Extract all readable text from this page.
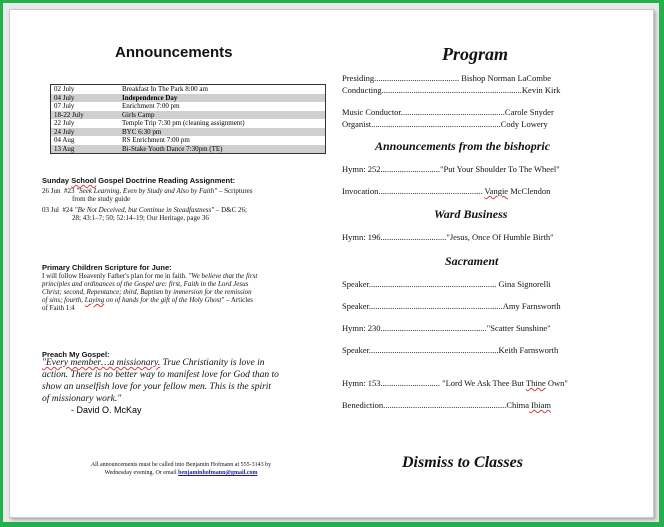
Announcements
02 July	Breakfast In The Park 8:00 am
04 July	Independence Day
07 July	Enrichment 7:00 pm
18-22 July	Girls Camp
22 July	Temple Trip 7:30 pm (cleaning assignment)
24 July	BYC 6:30 pm
04 Aug	RS Enrichment 7:00 pm
13 Aug	Bi-Stake Youth Dance 7:30pm (TE)
Sunday School Gospel Doctrine Reading Assignment:
26 Jun #23 "Seek Learning, Even by Study and Also by Faith" – Scriptures
from the study guide
03 Jul #24 "Be Not Deceived, but Continue in Steadfastness" – D&C 26;
28; 43:1–7; 50; 52:14–19; Our Heritage, page 36
Primary Children Scripture for June:
I will follow Heavenly Father's plan for me in faith. "We believe that the first
principles and ordinances of the Gospel are: first, Faith in the Lord Jesus
Christ; second, Repentance; third, Baptism by immersion for the remission
of sins; fourth, Laying on of hands for the gift of the Holy Ghost" – Articles
of Faith 1:4
Preach My Gospel:
"Every member…a missionary. True Christianity is love in
action. There is no better way to manifest love for God than to
show an unselfish love for your fellow men. This is the spirit
of missionary work."
- David O. McKay
All announcements must be called into Benjamin Hofmann at 555-3143 by
Wednesday evening. Or email benjaminhofmann@gmail.com
Program
Presiding........................................ Bishop Norman LaCombe
Conducting..................................................................Kevin Kirk
Music Conductor.................................................Carole Snyder
Organist.............................................................Cody Lowery
Announcements from the bishopric
Hymn: 252............................"Put Your Shoulder To The Wheel"
Invocation................................................. Vangie McClendon
Ward Business
Hymn: 196..............................."Jesus, Once Of Humble Birth"
Sacrament
Speaker............................................................ Gina Signorelli
Speaker...............................................................Amy Farnsworth
Hymn: 230.................................................."Scatter Sunshine"
Speaker.............................................................Keith Farnsworth
Hymn: 153............................ "Lord We Ask Thee But Thine Own"
Benediction..........................................................Chima Ibiam
Dismiss to Classes
